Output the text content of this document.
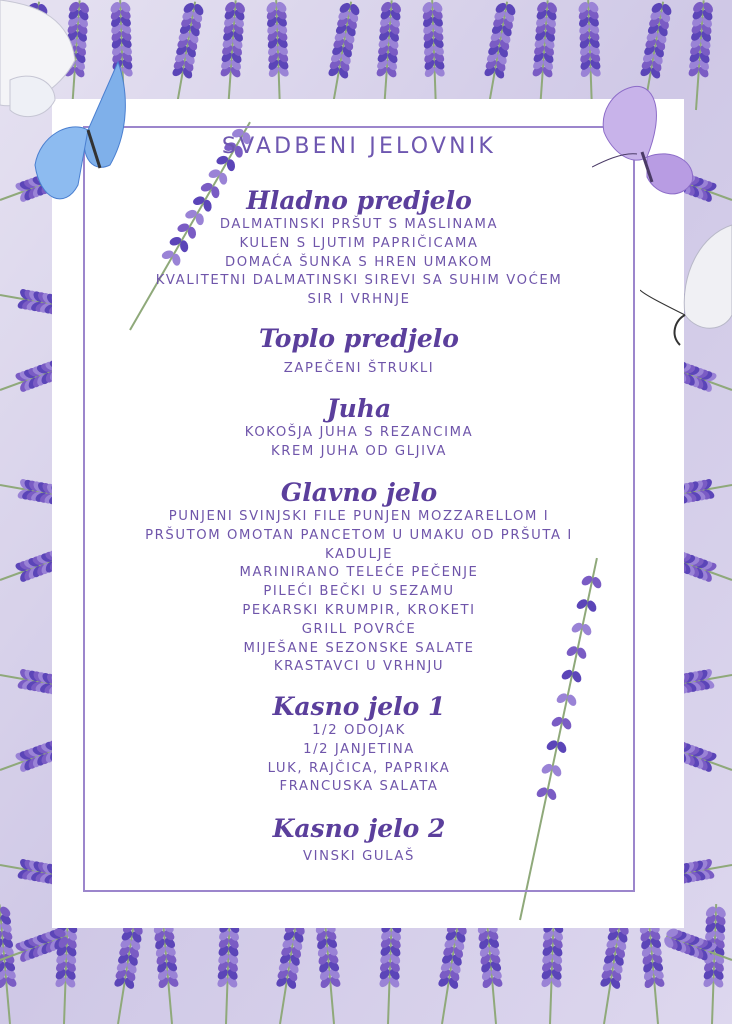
SVADBENI JELOVNIK
Hladno predjelo
DALMATINSKI PRŠUT S MASLINAMA
KULEN S LJUTIM PAPRIČICAMA
DOMAĆA ŠUNKA S HREN UMAKOM
KVALITETNI DALMATINSKI SIREVI SA SUHIM VOĆEM
SIR I VRHNJE
Toplo predjelo
ZAPEČENI ŠTRUKLI
Juha
KOKOŠJA JUHA S REZANCIMA
KREM JUHA OD GLJIVA
Glavno jelo
PUNJENI SVINJSKI FILE PUNJEN MOZZARELLOM I
PRŠUTOM OMOTAN PANCETOM U UMAKU OD PRŠUTA I
KADULJE
MARINIRANO TELEĆE PEČENJE
PILEĆI BEČKI U SEZAMU
PEKARSKI KRUMPIR, KROKETI
GRILL POVRĆE
MIJEŠANE SEZONSKE SALATE
KRASTAVCI U VRHNJU
Kasno jelo 1
1/2 ODOJAK
1/2 JANJETINA
LUK, RAJČICA, PAPRIKA
FRANCUSKA SALATA
Kasno jelo 2
VINSKI GULAŠ
